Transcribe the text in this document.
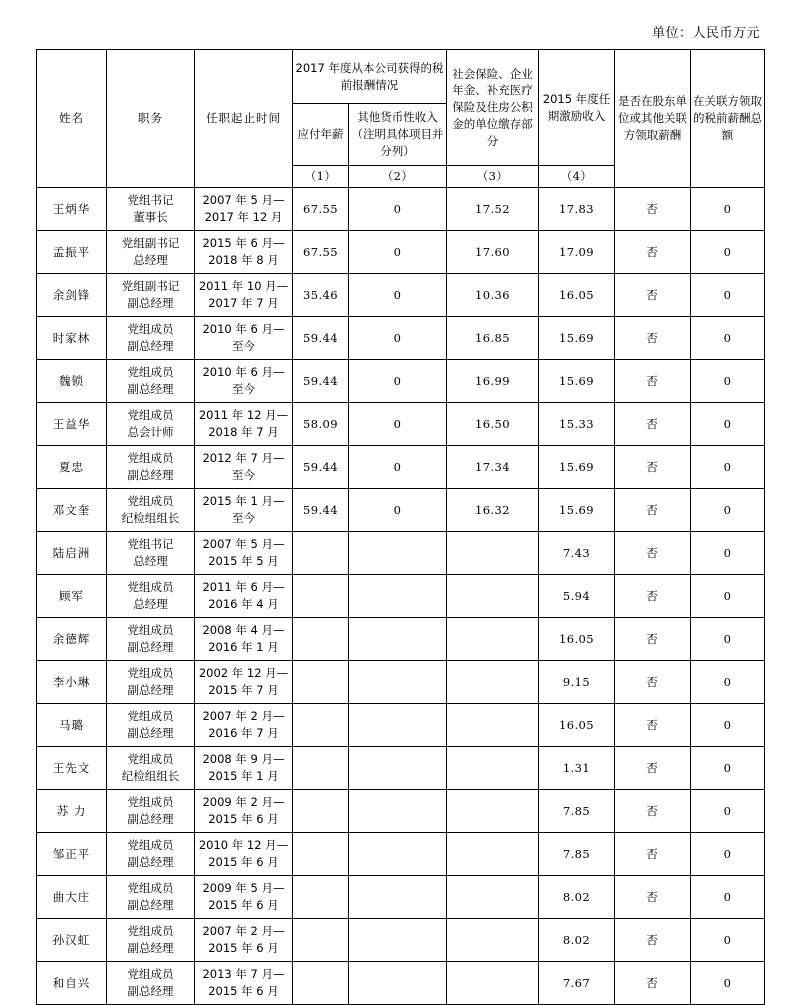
单位：人民币万元
姓名	职务	任职起止时间	2017 年度从本公司获得的税前报酬情况		社会保险、企业年金、补充医疗保险及住房公积金的单位缴存部分	2015 年度任期激励收入	是否在股东单位或其他关联方领取薪酬	在关联方领取的税前薪酬总额
			应付年薪	其他货币性收入（注明具体项目并分列）				
			（1）	（2）	（3）	（4）		
王炳华	党组书记
董事长	2007 年 5 月—
2017 年 12 月	67.55	0	17.52	17.83	否	0
孟振平	党组副书记
总经理	2015 年 6 月—
2018 年 8 月	67.55	0	17.60	17.09	否	0
余剑锋	党组副书记
副总经理	2011 年 10 月—
2017 年 7 月	35.46	0	10.36	16.05	否	0
时家林	党组成员
副总经理	2010 年 6 月—
至今	59.44	0	16.85	15.69	否	0
魏锁	党组成员
副总经理	2010 年 6 月—
至今	59.44	0	16.99	15.69	否	0
王益华	党组成员
总会计师	2011 年 12 月—
2018 年 7 月	58.09	0	16.50	15.33	否	0
夏忠	党组成员
副总经理	2012 年 7 月—
至今	59.44	0	17.34	15.69	否	0
邓文奎	党组成员
纪检组组长	2015 年 1 月—
至今	59.44	0	16.32	15.69	否	0
陆启洲	党组书记
总经理	2007 年 5 月—
2015 年 5 月				7.43	否	0
顾军	党组成员
总经理	2011 年 6 月—
2016 年 4 月				5.94	否	0
余德辉	党组成员
副总经理	2008 年 4 月—
2016 年 1 月				16.05	否	0
李小琳	党组成员
副总经理	2002 年 12 月—
2015 年 7 月				9.15	否	0
马璐	党组成员
副总经理	2007 年 2 月—
2016 年 7 月				16.05	否	0
王先文	党组成员
纪检组组长	2008 年 9 月—
2015 年 1 月				1.31	否	0
苏 力	党组成员
副总经理	2009 年 2 月—
2015 年 6 月				7.85	否	0
邹正平	党组成员
副总经理	2010 年 12 月—
2015 年 6 月				7.85	否	0
曲大庄	党组成员
副总经理	2009 年 5 月—
2015 年 6 月				8.02	否	0
孙汉虹	党组成员
副总经理	2007 年 2 月—
2015 年 6 月				8.02	否	0
和自兴	党组成员
副总经理	2013 年 7 月—
2015 年 6 月				7.67	否	0
